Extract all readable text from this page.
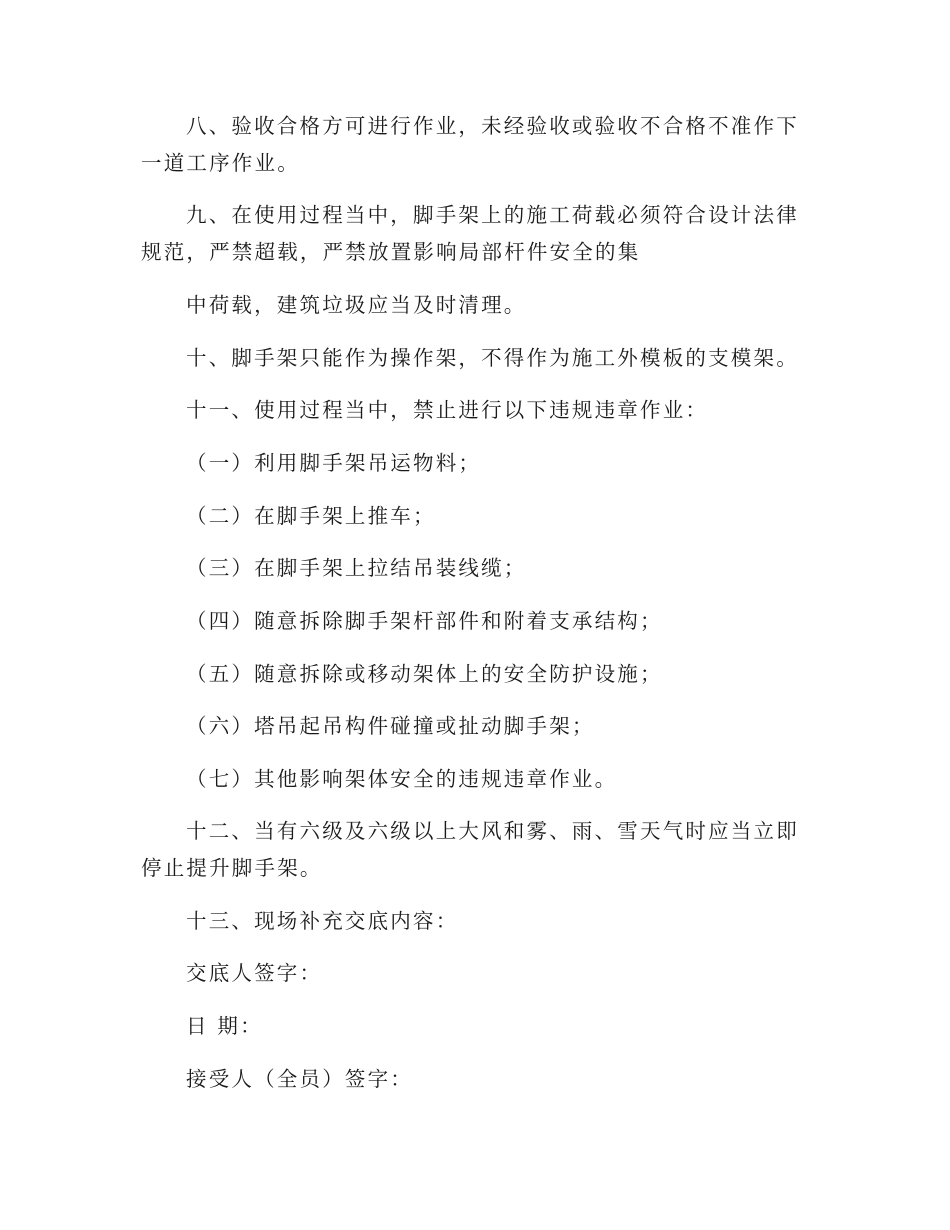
八、验收合格方可进行作业，未经验收或验收不合格不准作下一道工序作业。

九、在使用过程当中，脚手架上的施工荷载必须符合设计法律规范，严禁超载，严禁放置影响局部杆件安全的集

中荷载，建筑垃圾应当及时清理。

十、脚手架只能作为操作架，不得作为施工外模板的支模架。

十一、使用过程当中，禁止进行以下违规违章作业：

（一）利用脚手架吊运物料；

（二）在脚手架上推车；

（三）在脚手架上拉结吊装线缆；

（四）随意拆除脚手架杆部件和附着支承结构；

（五）随意拆除或移动架体上的安全防护设施；

（六）塔吊起吊构件碰撞或扯动脚手架；

（七）其他影响架体安全的违规违章作业。

十二、当有六级及六级以上大风和雾、雨、雪天气时应当立即停止提升脚手架。

十三、现场补充交底内容：

交底人签字：

日 期：

接受人（全员）签字：
